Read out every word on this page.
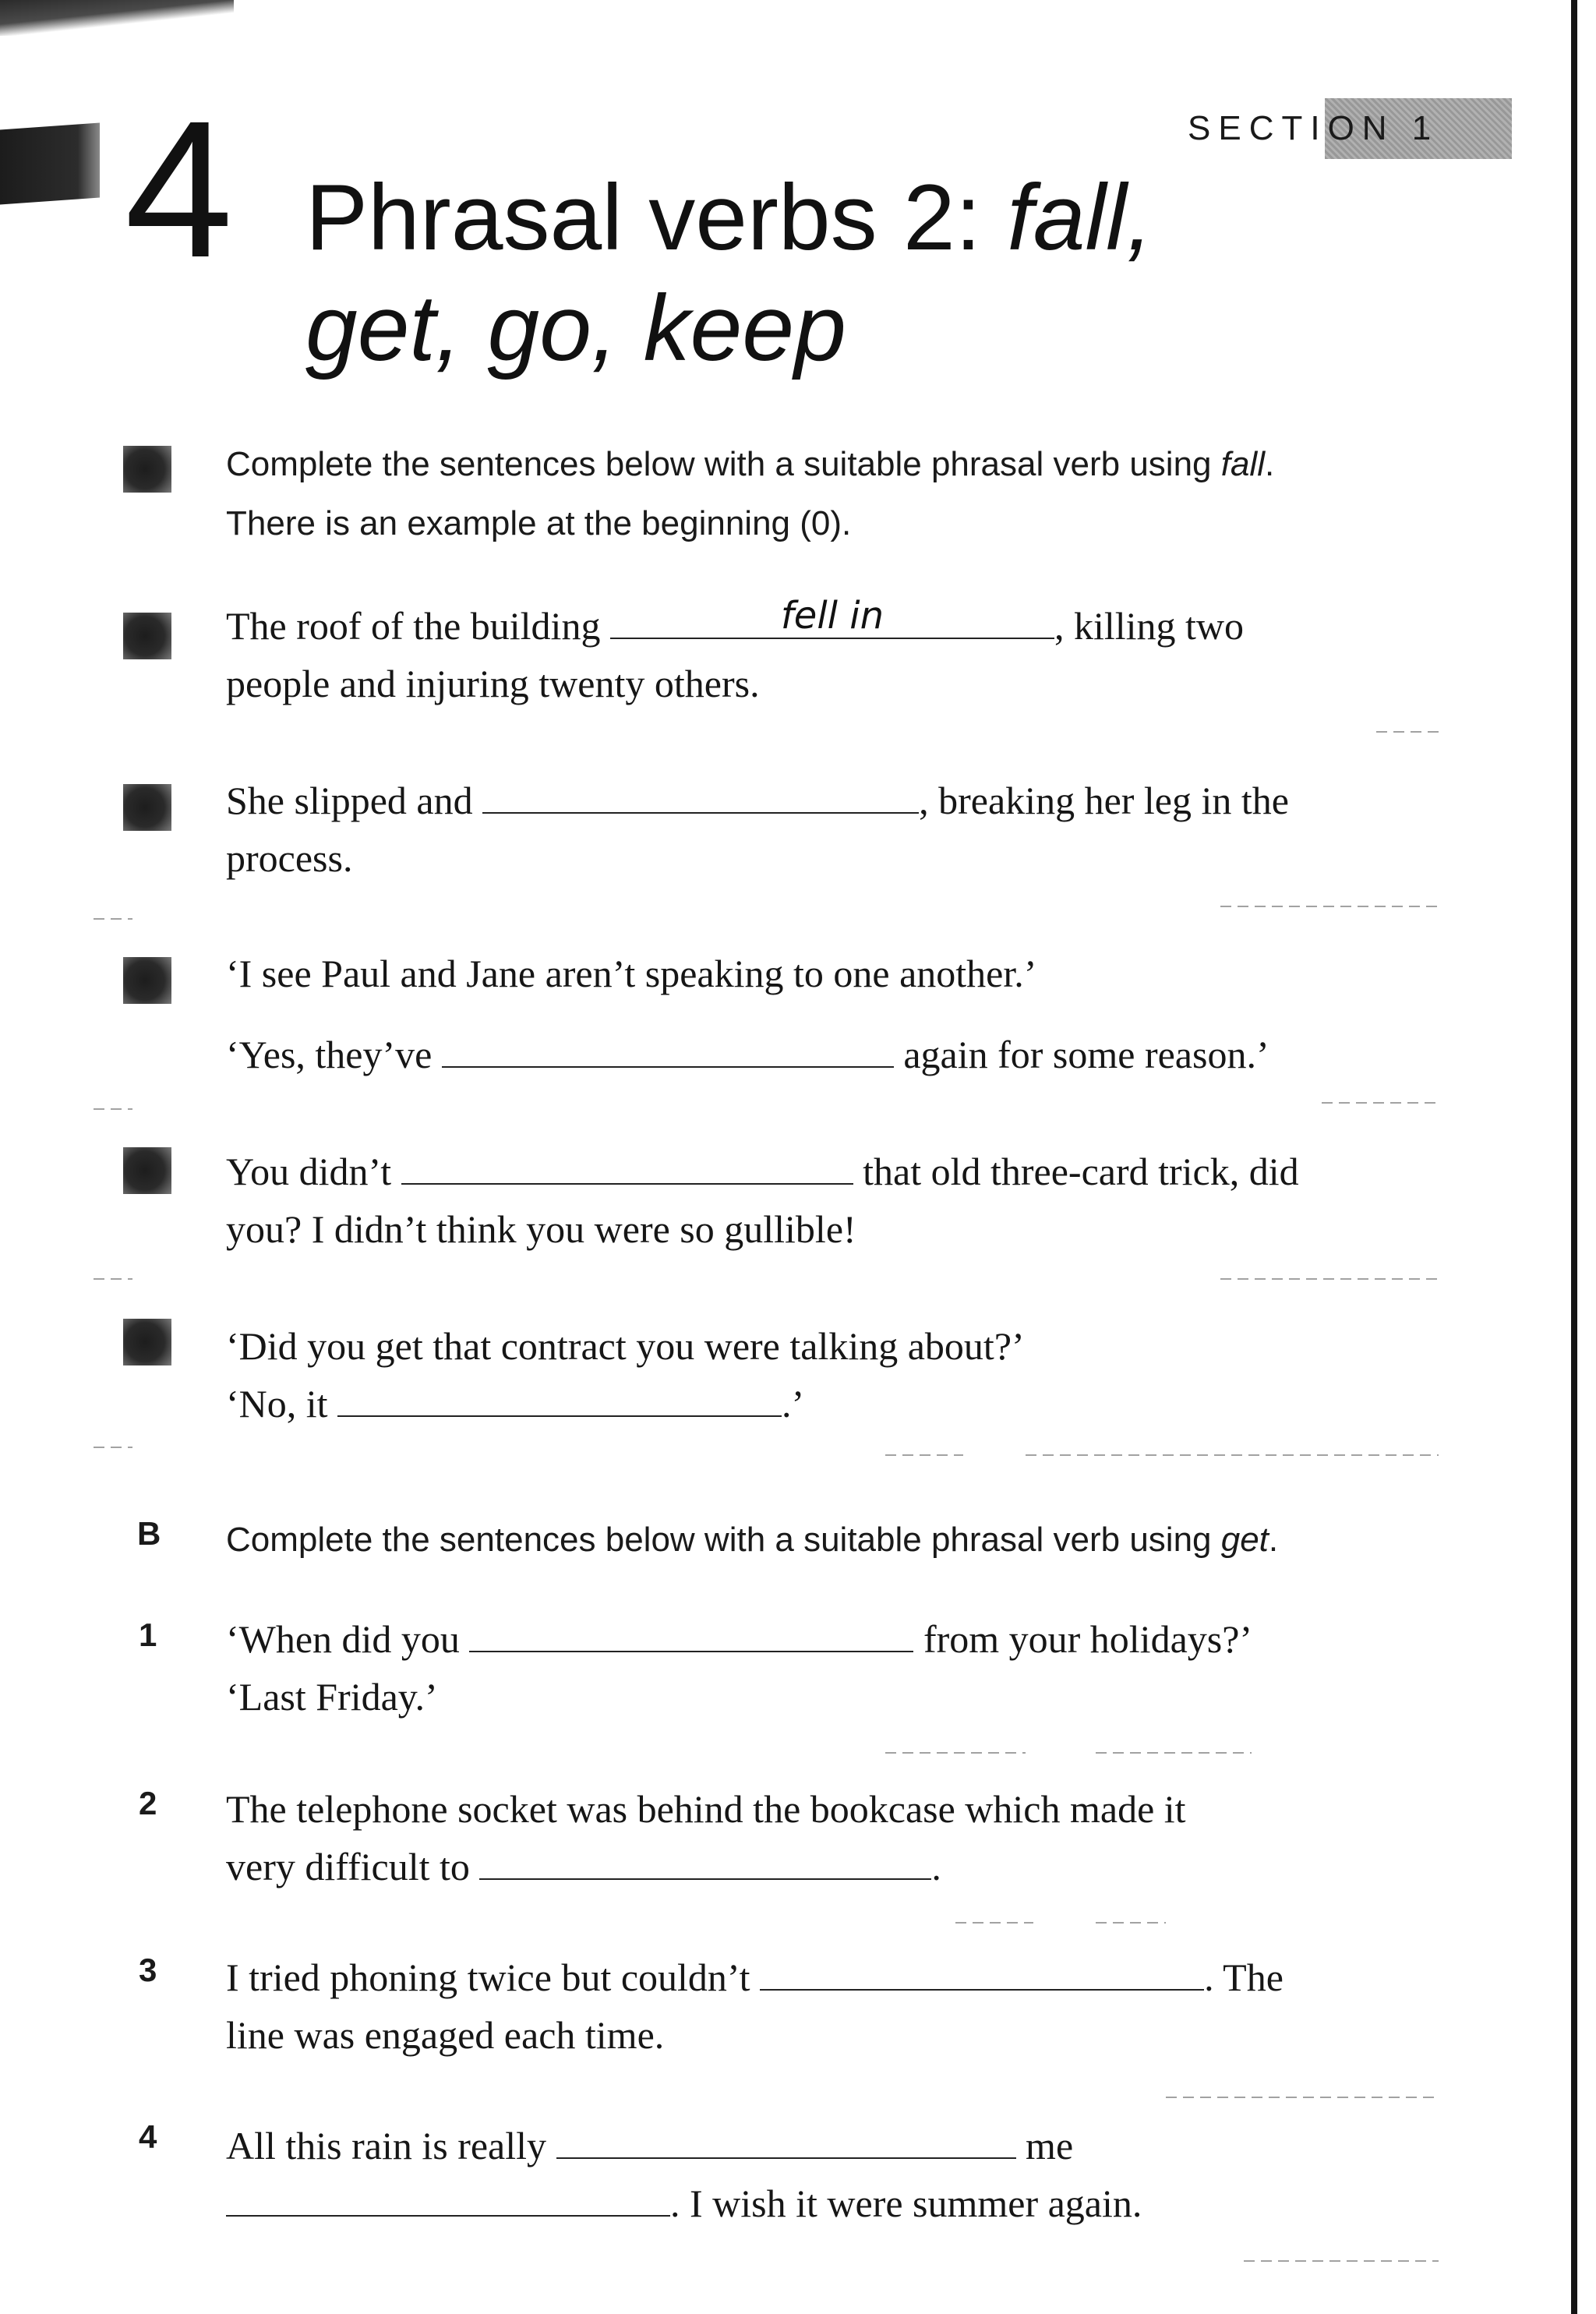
SECTION 1
4 Phrasal verbs 2: fall,
get, go, keep
Complete the sentences below with a suitable phrasal verb using fall.
There is an example at the beginning (0).
The roof of the building	fell in	, killing two
people and injuring twenty others.
She slipped and	, breaking her leg in the
process.
‘I see Paul and Jane aren’t speaking to one another.’
‘Yes, they’ve	again for some reason.’
You didn’t	that old three-card trick, did
you? I didn’t think you were so gullible!
‘Did you get that contract you were talking about?’
‘No, it	.’
B Complete the sentences below with a suitable phrasal verb using get.
1 ‘When did you	from your holidays?’
‘Last Friday.’
2 The telephone socket was behind the bookcase which made it
very difficult to	.
3 I tried phoning twice but couldn’t	. The
line was engaged each time.
4 All this rain is really	me
. I wish it were summer again.
